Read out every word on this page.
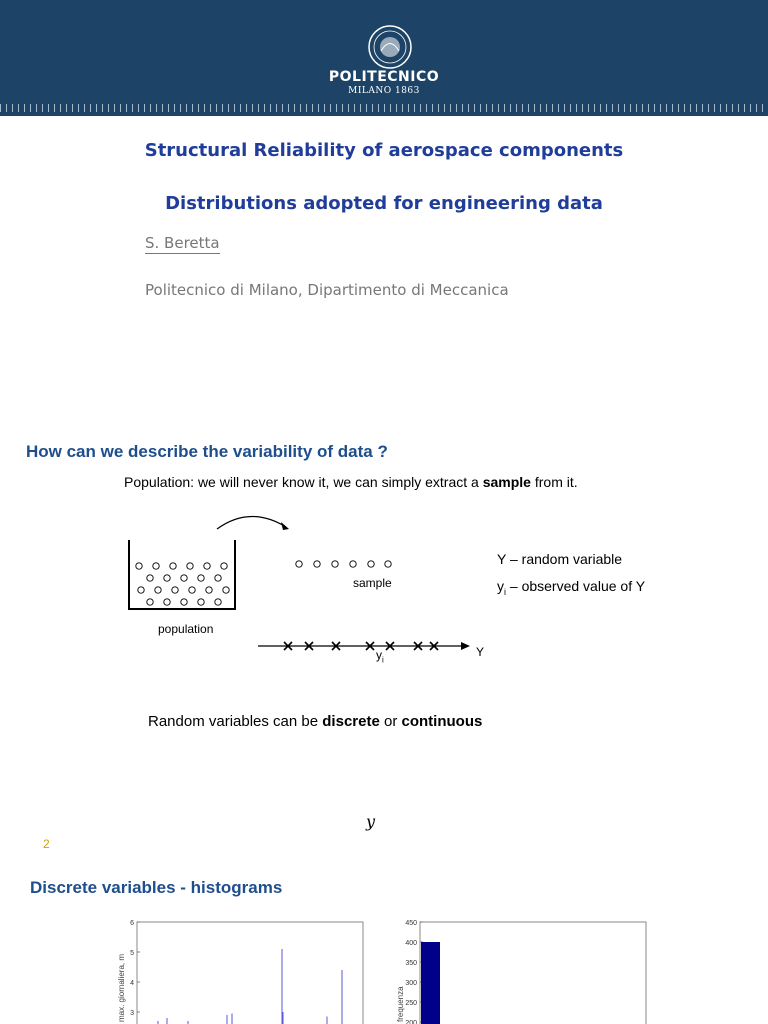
POLITECNICO
MILANO 1863
Structural Reliability of aerospace components
Distributions adopted for engineering data
S. Beretta
Politecnico di Milano, Dipartimento di Meccanica
How can we describe the variability of data ?
Population: we will never know it, we can simply extract a sample from it.
population
sample
Y
$y_i$
Y – random variable
$y_i$ – observed value of Y
Random variables can be discrete or continuous
y
2
Discrete variables - histograms
6
5
4
3
450
400
350
300
250
200
max. giornaliera, m	frequenza
